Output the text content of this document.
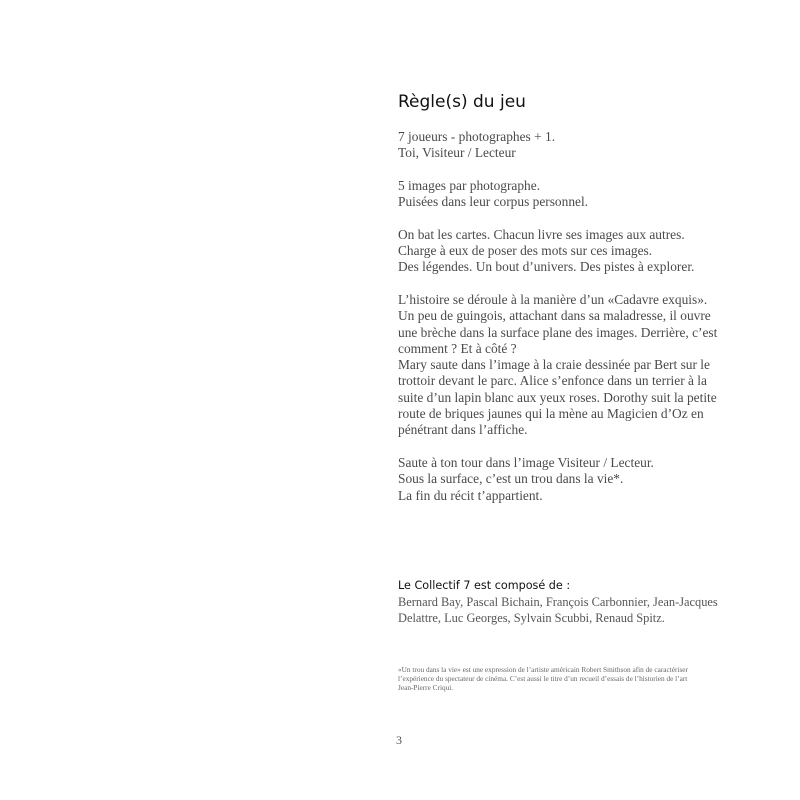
Règle(s) du jeu

7 joueurs - photographes + 1.
Toi, Visiteur / Lecteur

5 images par photographe.
Puisées dans leur corpus personnel.

On bat les cartes. Chacun livre ses images aux autres.
Charge à eux de poser des mots sur ces images.
Des légendes. Un bout d’univers. Des pistes à explorer.

L’histoire se déroule à la manière d’un «Cadavre exquis».
Un peu de guingois, attachant dans sa maladresse, il ouvre
une brèche dans la surface plane des images. Derrière, c’est
comment ? Et à côté ?
Mary saute dans l’image à la craie dessinée par Bert sur le
trottoir devant le parc. Alice s’enfonce dans un terrier à la
suite d’un lapin blanc aux yeux roses. Dorothy suit la petite
route de briques jaunes qui la mène au Magicien d’Oz en
pénétrant dans l’affiche.

Saute à ton tour dans l’image Visiteur / Lecteur.
Sous la surface, c’est un trou dans la vie*.
La fin du récit t’appartient.

Le Collectif 7 est composé de :
Bernard Bay, Pascal Bichain, François Carbonnier, Jean-Jacques
Delattre, Luc Georges, Sylvain Scubbi, Renaud Spitz.
«Un trou dans la vie» est une expression de l’artiste américain Robert Smithson afin de caractériser
l’expérience du spectateur de cinéma. C’est aussi le titre d’un recueil d’essais de l’historien de l’art
Jean-Pierre Criqui.
3
